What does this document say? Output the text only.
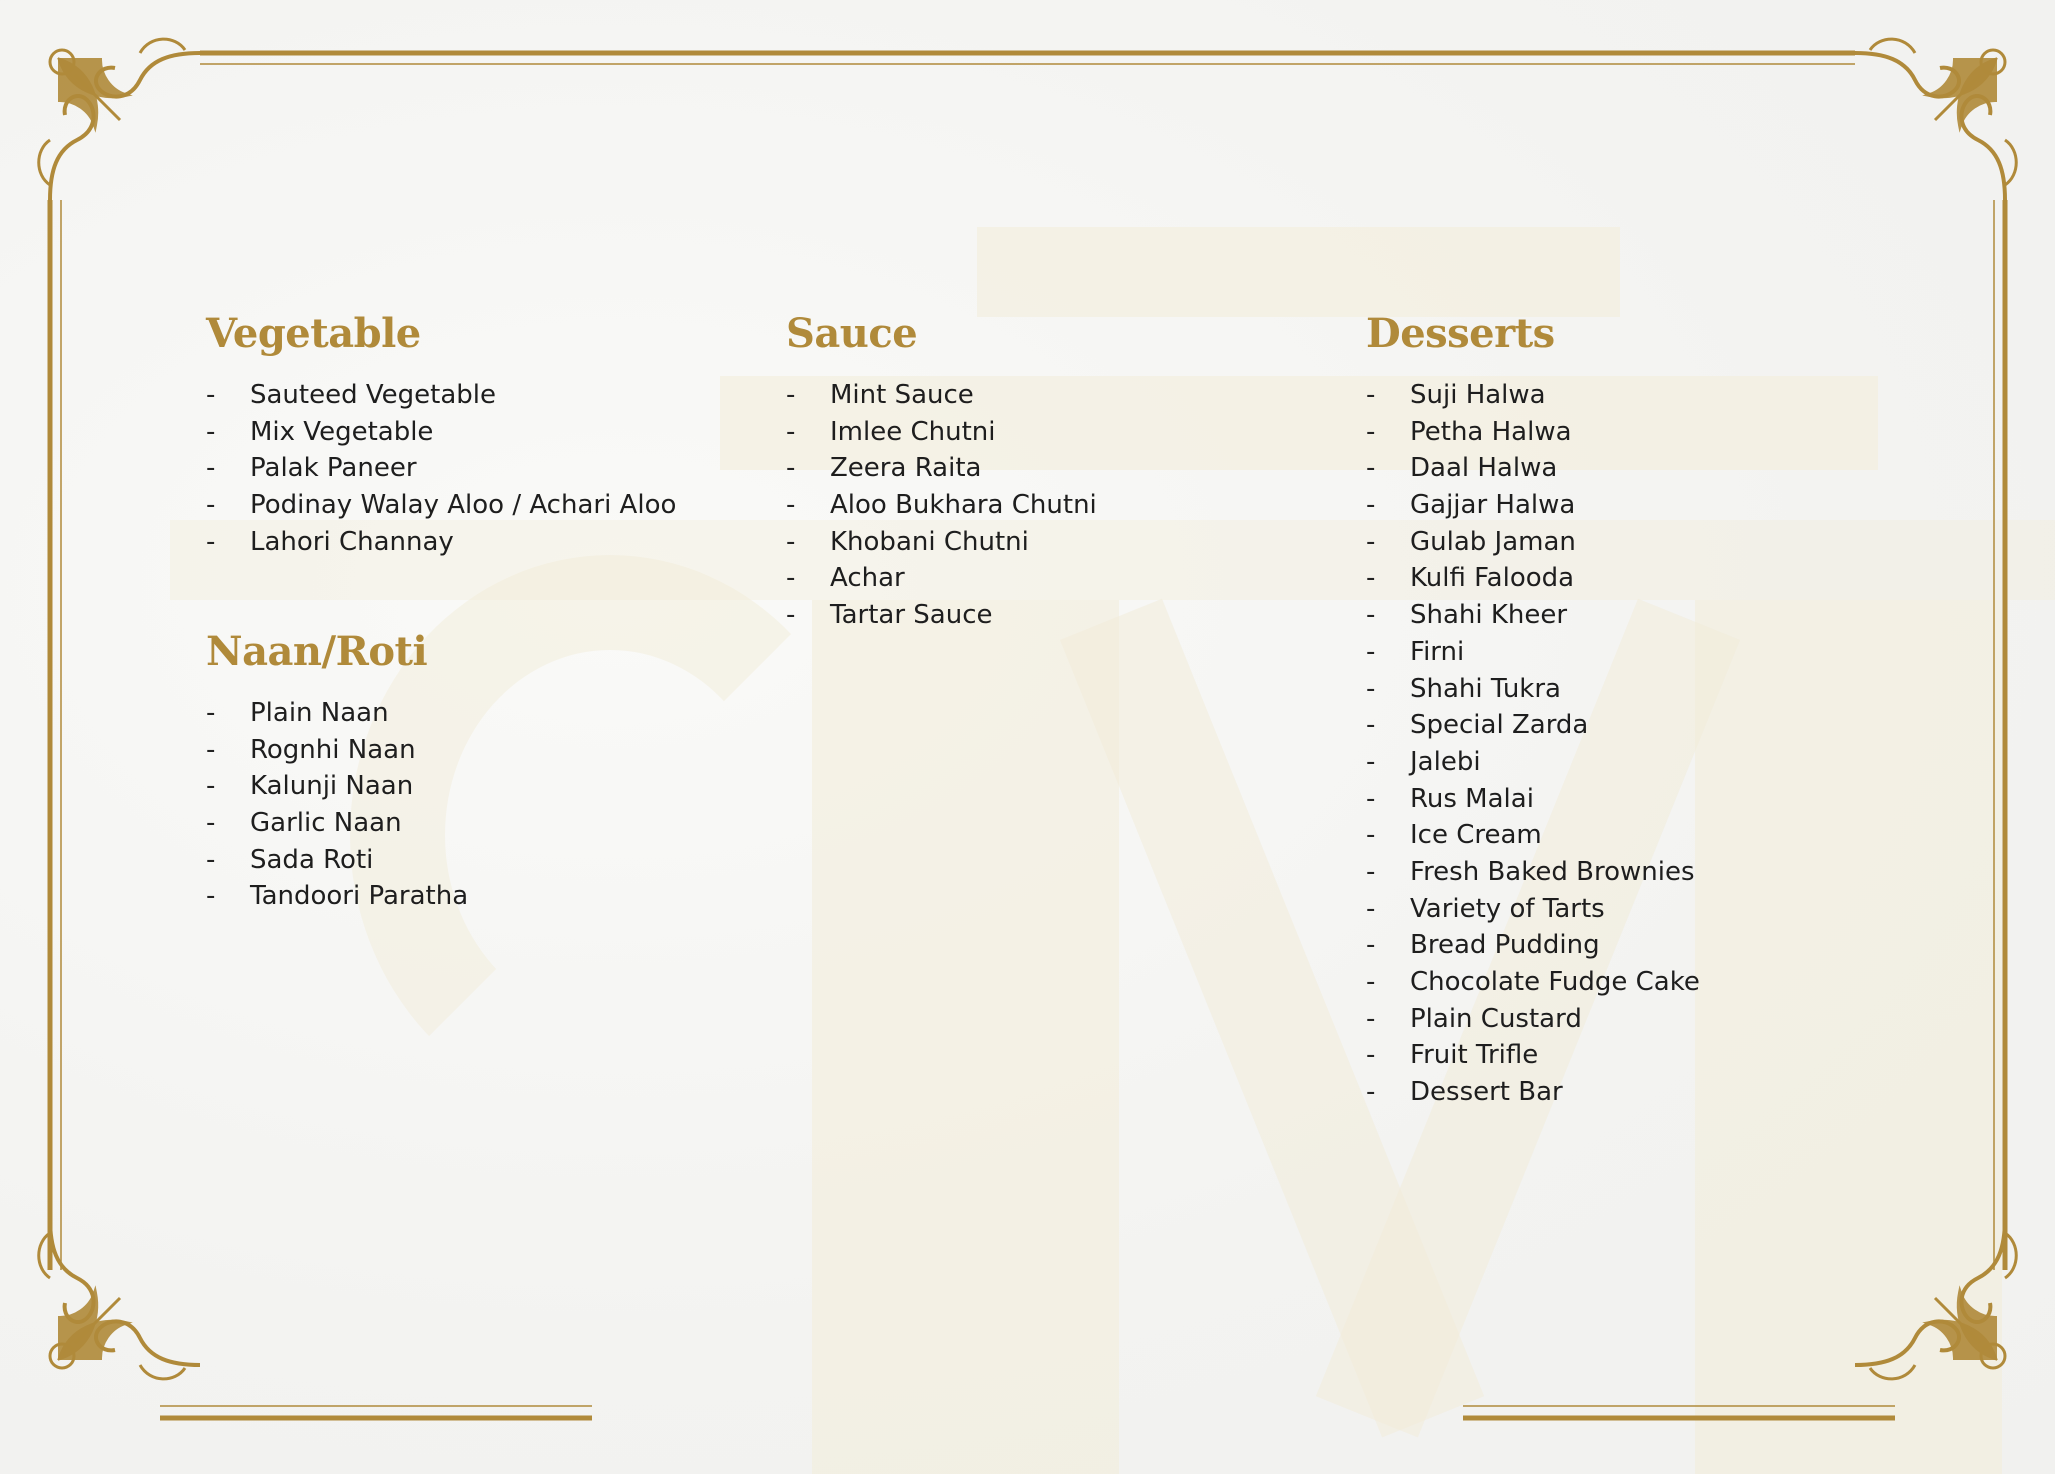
Vegetable
- Sauteed Vegetable
- Mix Vegetable
- Palak Paneer
- Podinay Walay Aloo / Achari Aloo
- Lahori Channay
Naan/Roti
- Plain Naan
- Rognhi Naan
- Kalunji Naan
- Garlic Naan
- Sada Roti
- Tandoori Paratha
Sauce
- Mint Sauce
- Imlee Chutni
- Zeera Raita
- Aloo Bukhara Chutni
- Khobani Chutni
- Achar
- Tartar Sauce
Desserts
- Suji Halwa
- Petha Halwa
- Daal Halwa
- Gajjar Halwa
- Gulab Jaman
- Kulfi Falooda
- Shahi Kheer
- Firni
- Shahi Tukra
- Special Zarda
- Jalebi
- Rus Malai
- Ice Cream
- Fresh Baked Brownies
- Variety of Tarts
- Bread Pudding
- Chocolate Fudge Cake
- Plain Custard
- Fruit Trifle
- Dessert Bar
